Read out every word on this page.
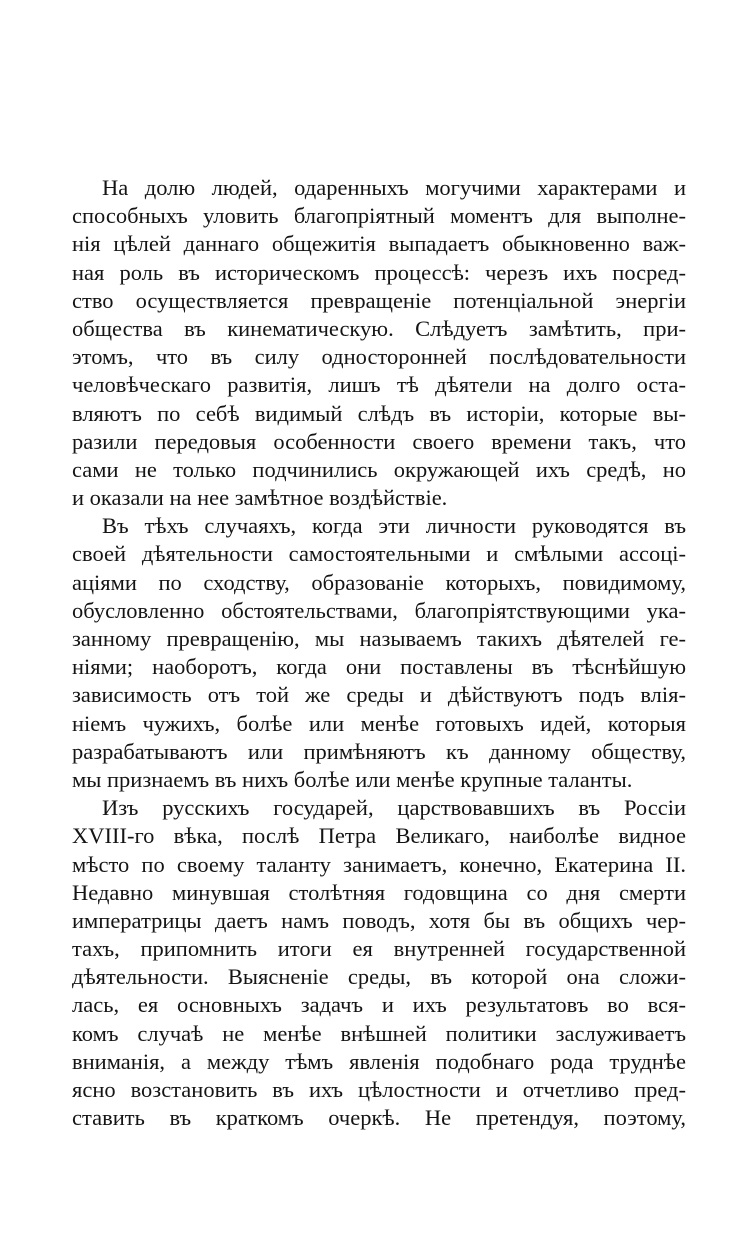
На долю людей, одаренныхъ могучими характерами и
способныхъ уловить благопріятный моментъ для выполне-
нія цѣлей даннаго общежитія выпадаетъ обыкновенно важ-
ная роль въ историческомъ процессѣ: черезъ ихъ посред-
ство осуществляется превращеніе потенціальной энергіи
общества въ кинематическую. Слѣдуетъ замѣтить, при-
этомъ, что въ силу односторонней послѣдовательности
человѣческаго развитія, лишъ тѣ дѣятели на долго оста-
вляютъ по себѣ видимый слѣдъ въ исторіи, которые вы-
разили передовыя особенности своего времени такъ, что
сами не только подчинились окружающей ихъ средѣ, но
и оказали на нее замѣтное воздѣйствіе.
Въ тѣхъ случаяхъ, когда эти личности руководятся въ
своей дѣятельности самостоятельными и смѣлыми ассоці-
аціями по сходству, образованіе которыхъ, повидимому,
обусловленно обстоятельствами, благопріятствующими ука-
занному превращенію, мы называемъ такихъ дѣятелей ге-
ніями; наоборотъ, когда они поставлены въ тѣснѣйшую
зависимость отъ той же среды и дѣйствуютъ подъ влія-
ніемъ чужихъ, болѣе или менѣе готовыхъ идей, которыя
разрабатываютъ или примѣняютъ къ данному обществу,
мы признаемъ въ нихъ болѣе или менѣе крупные таланты.
Изъ русскихъ государей, царствовавшихъ въ Россіи
XVIII-го вѣка, послѣ Петра Великаго, наиболѣе видное
мѣсто по своему таланту занимаетъ, конечно, Екатерина II.
Недавно минувшая столѣтняя годовщина со дня смерти
императрицы даетъ намъ поводъ, хотя бы въ общихъ чер-
тахъ, припомнить итоги ея внутренней государственной
дѣятельности. Выясненіе среды, въ которой она сложи-
лась, ея основныхъ задачъ и ихъ результатовъ во вся-
комъ случаѣ не менѣе внѣшней политики заслуживаетъ
вниманія, а между тѣмъ явленія подобнаго рода труднѣе
ясно возстановить въ ихъ цѣлостности и отчетливо пред-
ставить въ краткомъ очеркѣ. Не претендуя, поэтому,
